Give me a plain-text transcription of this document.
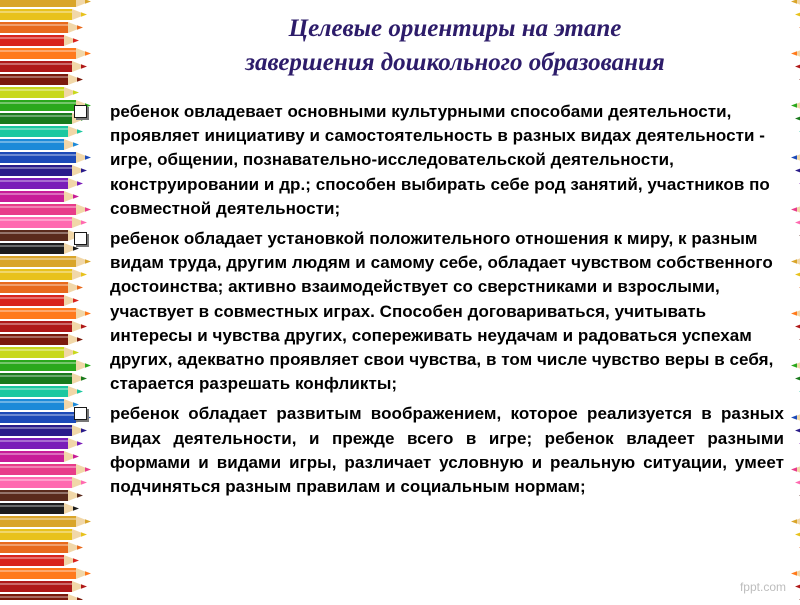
Целевые ориентиры на этапе
завершения дошкольного образования
ребенок овладевает основными культурными способами деятельности, проявляет инициативу и самостоятельность в разных видах деятельности - игре, общении, познавательно-исследовательской деятельности, конструировании и др.; способен выбирать себе род занятий, участников по совместной деятельности;
ребенок обладает установкой положительного отношения к миру, к разным видам труда, другим людям и самому себе, обладает чувством собственного достоинства; активно взаимодействует со сверстниками и взрослыми, участвует в совместных играх. Способен договариваться, учитывать интересы и чувства других, сопереживать неудачам и радоваться успехам других, адекватно проявляет свои чувства, в том числе чувство веры в себя, старается разрешать конфликты;
ребенок обладает развитым воображением, которое реализуется в разных видах деятельности, и прежде всего в игре; ребенок владеет разными формами и видами игры, различает условную и реальную ситуации, умеет подчиняться разным правилам и социальным нормам;
fppt.com
